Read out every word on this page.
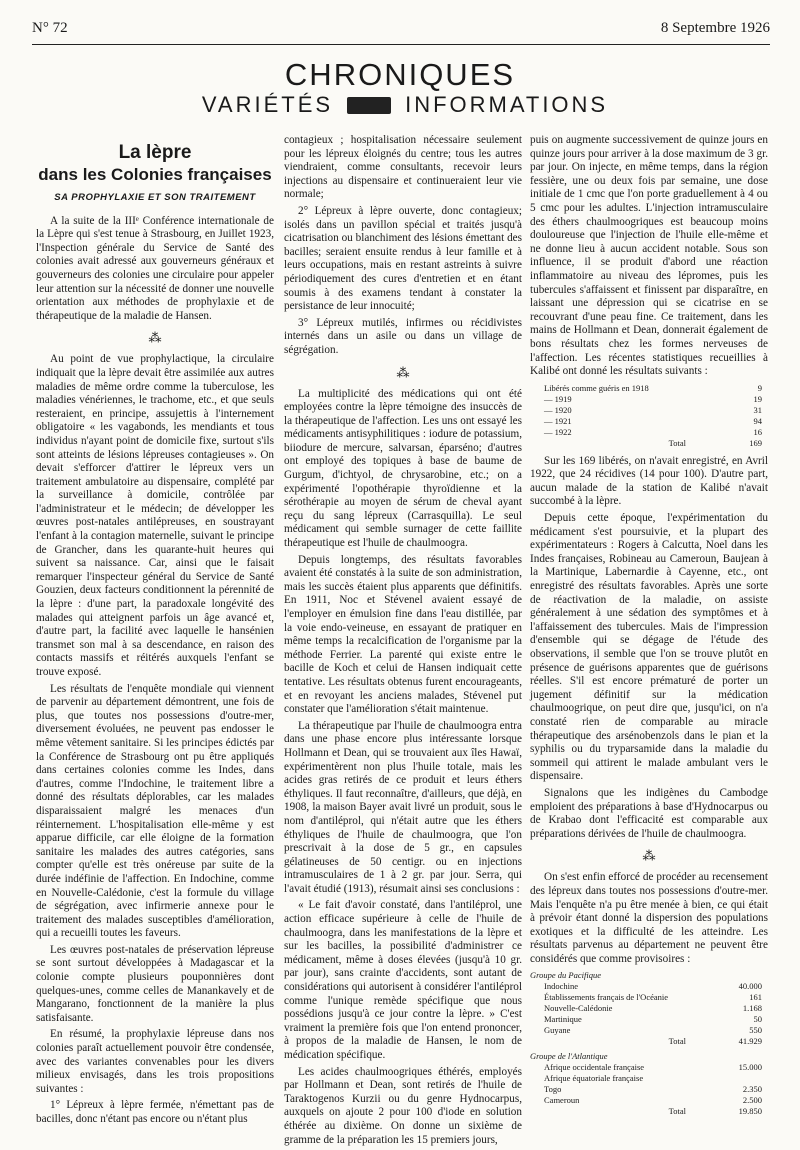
N° 72	8 Septembre 1926
CHRONIQUES
VARIÉTÉS	INFORMATIONS
La lèpre
dans les Colonies françaises
SA PROPHYLAXIE ET SON TRAITEMENT

A la suite de la IIIᵉ Conférence internationale de la Lèpre qui s'est tenue à Strasbourg, en Juillet 1923, l'Inspection générale du Service de Santé des colonies avait adressé aux gouverneurs généraux et gouverneurs des colonies une circulaire pour appeler leur attention sur la nécessité de donner une nouvelle orientation aux méthodes de prophylaxie et de thérapeutique de la maladie de Hansen.

⁂

Au point de vue prophylactique, la circulaire indiquait que la lèpre devait être assimilée aux autres maladies de même ordre comme la tuberculose, les maladies vénériennes, le trachome, etc., et que seuls resteraient, en principe, assujettis à l'internement obligatoire « les vagabonds, les mendiants et tous individus n'ayant point de domicile fixe, surtout s'ils sont atteints de lésions lépreuses contagieuses ». On devait s'efforcer d'attirer le lépreux vers un traitement ambulatoire au dispensaire, complété par la surveillance à domicile, contrôlée par l'administrateur et le médecin; de développer les œuvres post-natales antilépreuses, en soustrayant l'enfant à la contagion maternelle, suivant le principe de Grancher, dans les quarante-huit heures qui suivent sa naissance. Car, ainsi que le faisait remarquer l'inspecteur général du Service de Santé Gouzien, deux facteurs conditionnent la pérennité de la lèpre : d'une part, la paradoxale longévité des malades qui atteignent parfois un âge avancé et, d'autre part, la facilité avec laquelle le hansénien transmet son mal à sa descendance, en raison des contacts massifs et réitérés auxquels l'enfant se trouve exposé.

Les résultats de l'enquête mondiale qui viennent de parvenir au département démontrent, une fois de plus, que toutes nos possessions d'outre-mer, diversement évoluées, ne peuvent pas endosser le même vêtement sanitaire. Si les principes édictés par la Conférence de Strasbourg ont pu être appliqués dans certaines colonies comme les Indes, dans d'autres, comme l'Indochine, le traitement libre a donné des résultats déplorables, car les malades disparaissaient malgré les menaces d'un réinternement. L'hospitalisation elle-même y est apparue difficile, car elle éloigne de la formation sanitaire les malades des autres catégories, sans compter qu'elle est très onéreuse par suite de la durée indéfinie de l'affection. En Indochine, comme en Nouvelle-Calédonie, c'est la formule du village de ségrégation, avec infirmerie annexe pour le traitement des malades susceptibles d'amélioration, qui a recueilli toutes les faveurs.

Les œuvres post-natales de préservation lépreuse se sont surtout développées à Madagascar et la colonie compte plusieurs pouponnières dont quelques-unes, comme celles de Manankavely et de Mangarano, fonctionnent de la manière la plus satisfaisante.

En résumé, la prophylaxie lépreuse dans nos colonies paraît actuellement pouvoir être condensée, avec des variantes convenables pour les divers milieux envisagés, dans les trois propositions suivantes :

1° Lépreux à lèpre fermée, n'émettant pas de bacilles, donc n'étant pas encore ou n'étant plus

contagieux ; hospitalisation nécessaire seulement pour les lépreux éloignés du centre; tous les autres viendraient, comme consultants, recevoir leurs injections au dispensaire et continueraient leur vie normale;

2° Lépreux à lèpre ouverte, donc contagieux; isolés dans un pavillon spécial et traités jusqu'à cicatrisation ou blanchiment des lésions émettant des bacilles; seraient ensuite rendus à leur famille et à leurs occupations, mais en restant astreints à suivre périodiquement des cures d'entretien et en étant soumis à des examens tendant à constater la persistance de leur innocuité;

3° Lépreux mutilés, infirmes ou récidivistes internés dans un asile ou dans un village de ségrégation.

⁂

La multiplicité des médications qui ont été employées contre la lèpre témoigne des insuccès de la thérapeutique de l'affection. Les uns ont essayé les médicaments antisyphilitiques : iodure de potassium, biiodure de mercure, salvarsan, éparséno; d'autres ont employé des topiques à base de baume de Gurgum, d'ichtyol, de chrysarobine, etc.; on a expérimenté l'opothérapie thyroïdienne et la sérothérapie au moyen de sérum de cheval ayant reçu du sang lépreux (Carrasquilla). Le seul médicament qui semble surnager de cette faillite thérapeutique est l'huile de chaulmoogra.

Depuis longtemps, des résultats favorables avaient été constatés à la suite de son administration, mais les succès étaient plus apparents que définitifs. En 1911, Noc et Stévenel avaient essayé de l'employer en émulsion fine dans l'eau distillée, par la voie endo-veineuse, en essayant de pratiquer en même temps la recalcification de l'organisme par la méthode Ferrier. La parenté qui existe entre le bacille de Koch et celui de Hansen indiquait cette tentative. Les résultats obtenus furent encourageants, et en revoyant les anciens malades, Stévenel put constater que l'amélioration s'était maintenue.

La thérapeutique par l'huile de chaulmoogra entra dans une phase encore plus intéressante lorsque Hollmann et Dean, qui se trouvaient aux îles Hawaï, expérimentèrent non plus l'huile totale, mais les acides gras retirés de ce produit et leurs éthers éthyliques. Il faut reconnaître, d'ailleurs, que déjà, en 1908, la maison Bayer avait livré un produit, sous le nom d'antiléprol, qui n'était autre que les éthers éthyliques de l'huile de chaulmoogra, que l'on prescrivait à la dose de 5 gr., en capsules gélatineuses de 50 centigr. ou en injections intramusculaires de 1 à 2 gr. par jour. Serra, qui l'avait étudié (1913), résumait ainsi ses conclusions :

« Le fait d'avoir constaté, dans l'antiléprol, une action efficace supérieure à celle de l'huile de chaulmoogra, dans les manifestations de la lèpre et sur les bacilles, la possibilité d'administrer ce médicament, même à doses élevées (jusqu'à 10 gr. par jour), sans crainte d'accidents, sont autant de considérations qui autorisent à considérer l'antiléprol comme l'unique remède spécifique que nous possédions jusqu'à ce jour contre la lèpre. » C'est vraiment la première fois que l'on entend prononcer, à propos de la maladie de Hansen, le nom de médication spécifique.

Les acides chaulmoogriques éthérés, employés par Hollmann et Dean, sont retirés de l'huile de Taraktogenos Kurzii ou du genre Hydnocarpus, auxquels on ajoute 2 pour 100 d'iode en solution éthérée au dixième. On donne un sixième de gramme de la préparation les 15 premiers jours,

puis on augmente successivement de quinze jours en quinze jours pour arriver à la dose maximum de 3 gr. par jour. On injecte, en même temps, dans la région fessière, une ou deux fois par semaine, une dose initiale de 1 cmc que l'on porte graduellement à 4 ou 5 cmc pour les adultes. L'injection intramusculaire des éthers chaulmoogriques est beaucoup moins douloureuse que l'injection de l'huile elle-même et ne donne lieu à aucun accident notable. Sous son influence, il se produit d'abord une réaction inflammatoire au niveau des lépromes, puis les tubercules s'affaissent et finissent par disparaître, en laissant une dépression qui se cicatrise en se recouvrant d'une peau fine. Ce traitement, dans les mains de Hollmann et Dean, donnerait également de bons résultats chez les formes nerveuses de l'affection. Les récentes statistiques recueillies à Kalibé ont donné les résultats suivants :

Libérés comme guéris en 1918	9
— 1919	19
— 1920	31
— 1921	94
— 1922	16
Total	169

Sur les 169 libérés, on n'avait enregistré, en Avril 1922, que 24 récidives (14 pour 100). D'autre part, aucun malade de la station de Kalibé n'avait succombé à la lèpre.

Depuis cette époque, l'expérimentation du médicament s'est poursuivie, et la plupart des expérimentateurs : Rogers à Calcutta, Noel dans les Indes françaises, Robineau au Cameroun, Baujean à la Martinique, Labernardie à Cayenne, etc., ont enregistré des résultats favorables. Après une sorte de réactivation de la maladie, on assiste généralement à une sédation des symptômes et à l'affaissement des tubercules. Mais de l'impression d'ensemble qui se dégage de l'étude des observations, il semble que l'on se trouve plutôt en présence de guérisons apparentes que de guérisons réelles. S'il est encore prématuré de porter un jugement définitif sur la médication chaulmoogrique, on peut dire que, jusqu'ici, on n'a constaté rien de comparable au miracle thérapeutique des arsénobenzols dans le pian et la syphilis ou du tryparsamide dans la maladie du sommeil qui attirent le malade ambulant vers le dispensaire.

Signalons que les indigènes du Cambodge emploient des préparations à base d'Hydnocarpus ou de Krabao dont l'efficacité est comparable aux préparations dérivées de l'huile de chaulmoogra.

⁂

On s'est enfin efforcé de procéder au recensement des lépreux dans toutes nos possessions d'outre-mer. Mais l'enquête n'a pu être menée à bien, ce qui était à prévoir étant donné la dispersion des populations exotiques et la difficulté de les atteindre. Les résultats parvenus au département ne peuvent être considérés que comme provisoires :

Groupe du Pacifique
Indochine	40.000
Établissements français de l'Océanie	161
Nouvelle-Calédonie	1.168
Martinique	50
Guyane	550
Total	41.929
Groupe de l'Atlantique
Afrique occidentale française	15.000
Afrique équatoriale française
Togo	2.350
Cameroun	2.500
Total	19.850
